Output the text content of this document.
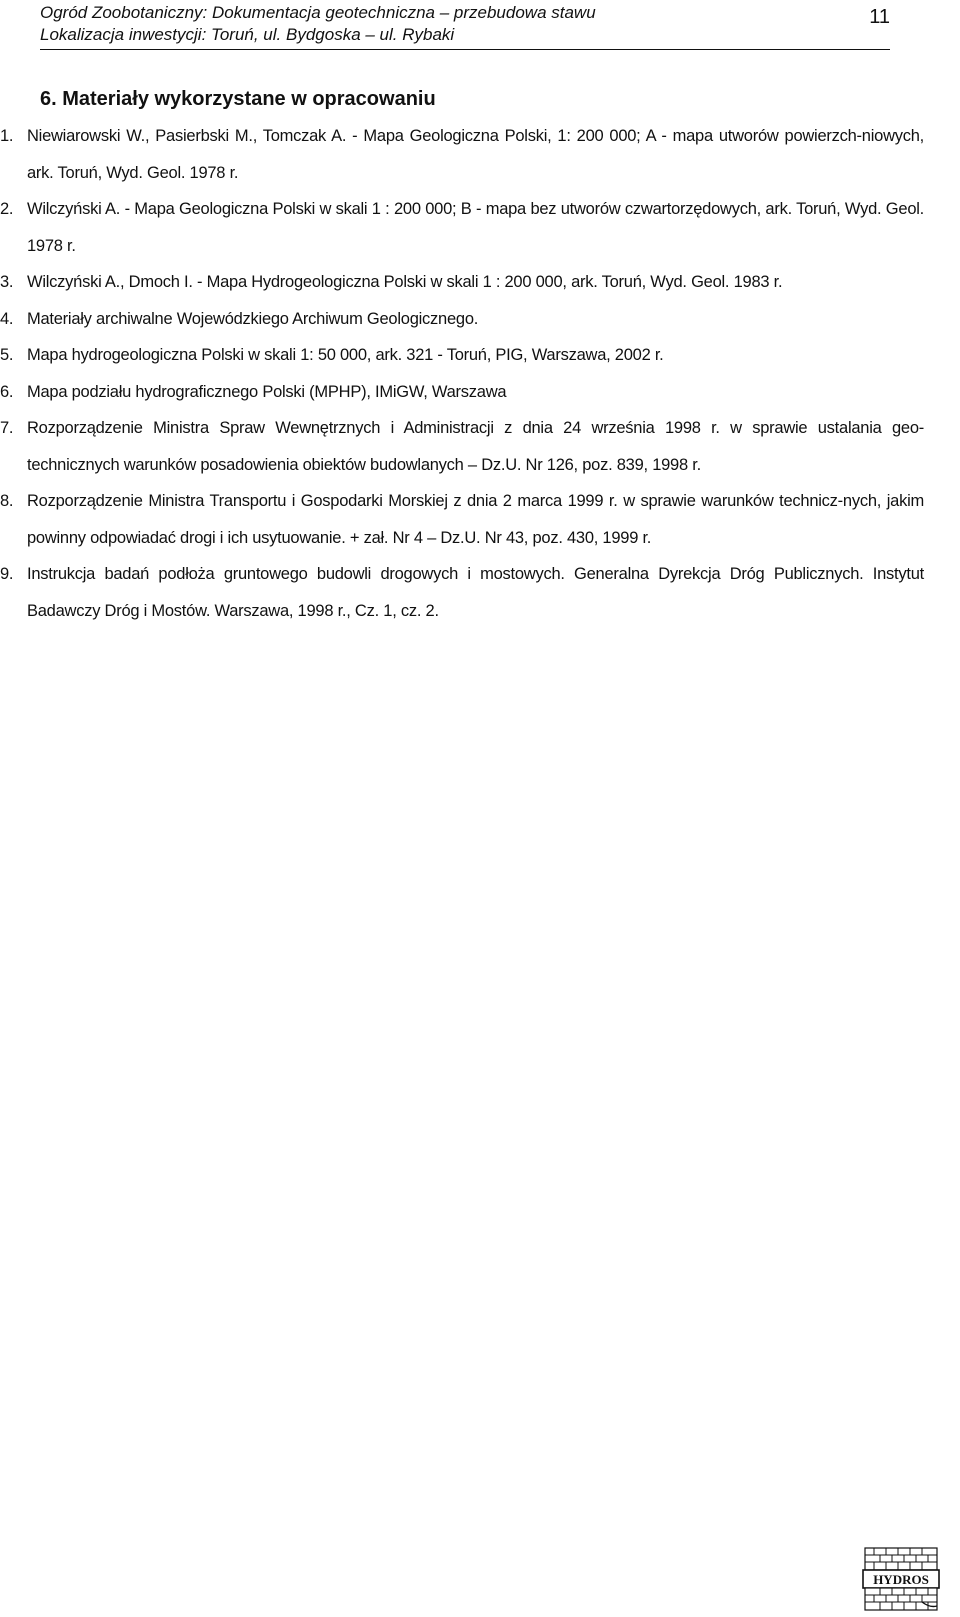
Ogród Zoobotaniczny: Dokumentacja geotechniczna – przebudowa stawu
Lokalizacja inwestycji: Toruń, ul. Bydgoska – ul. Rybaki
11
6. Materiały wykorzystane w opracowaniu
1. Niewiarowski W., Pasierbski M., Tomczak A. - Mapa Geologiczna Polski, 1: 200 000; A - mapa utworów powierzch-niowych, ark. Toruń, Wyd. Geol. 1978 r.
2. Wilczyński A. - Mapa Geologiczna Polski w skali 1 : 200 000; B - mapa bez utworów czwartorzędowych, ark. Toruń, Wyd. Geol. 1978 r.
3. Wilczyński A., Dmoch I. - Mapa Hydrogeologiczna Polski w skali 1 : 200 000, ark. Toruń, Wyd. Geol. 1983 r.
4. Materiały archiwalne Wojewódzkiego Archiwum Geologicznego.
5. Mapa hydrogeologiczna Polski w skali 1: 50 000, ark. 321 - Toruń, PIG, Warszawa, 2002 r.
6. Mapa podziału hydrograficznego Polski (MPHP), IMiGW, Warszawa
7. Rozporządzenie Ministra Spraw Wewnętrznych i Administracji z dnia 24 września 1998 r. w sprawie ustalania geo-technicznych warunków posadowienia obiektów budowlanych – Dz.U. Nr 126, poz. 839, 1998 r.
8. Rozporządzenie Ministra Transportu i Gospodarki Morskiej z dnia 2 marca 1999 r. w sprawie warunków technicz-nych, jakim powinny odpowiadać drogi i ich usytuowanie. + zał. Nr 4 – Dz.U. Nr 43, poz. 430, 1999 r.
9. Instrukcja badań podłoża gruntowego budowli drogowych i mostowych. Generalna Dyrekcja Dróg Publicznych. Instytut Badawczy Dróg i Mostów. Warszawa, 1998 r., Cz. 1, cz. 2.
HYDROS
